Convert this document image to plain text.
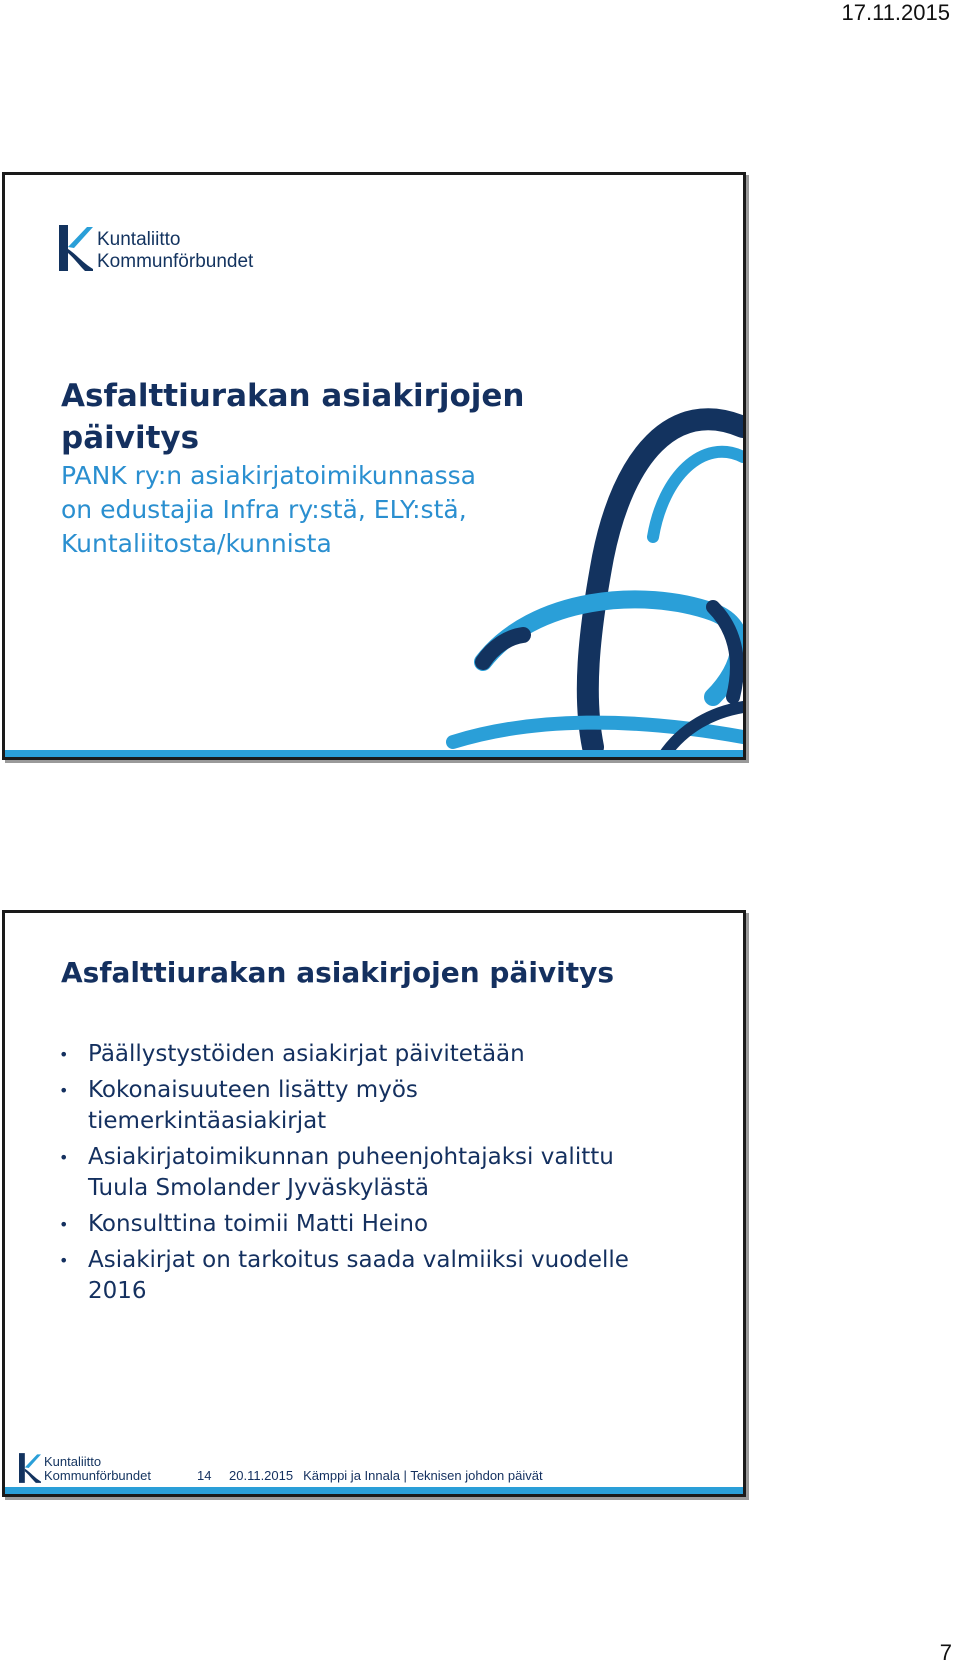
17.11.2015
Kuntaliitto
Kommunförbundet
Asfalttiurakan asiakirjojen
päivitys

PANK ry:n asiakirjatoimikunnassa
on edustajia Infra ry:stä, ELY:stä,
Kuntaliitosta/kunnista

Asfalttiurakan asiakirjojen päivitys
• Päällystystöiden asiakirjat päivitetään
• Kokonaisuuteen lisätty myös
tiemerkintäasiakirjat
• Asiakirjatoimikunnan puheenjohtajaksi valittu
Tuula Smolander Jyväskylästä
• Konsulttina toimii Matti Heino
• Asiakirjat on tarkoitus saada valmiiksi vuodelle
2016
Kuntaliitto
Kommunförbundet	14 20.11.2015 Kämppi ja Innala | Teknisen johdon päivät
7
